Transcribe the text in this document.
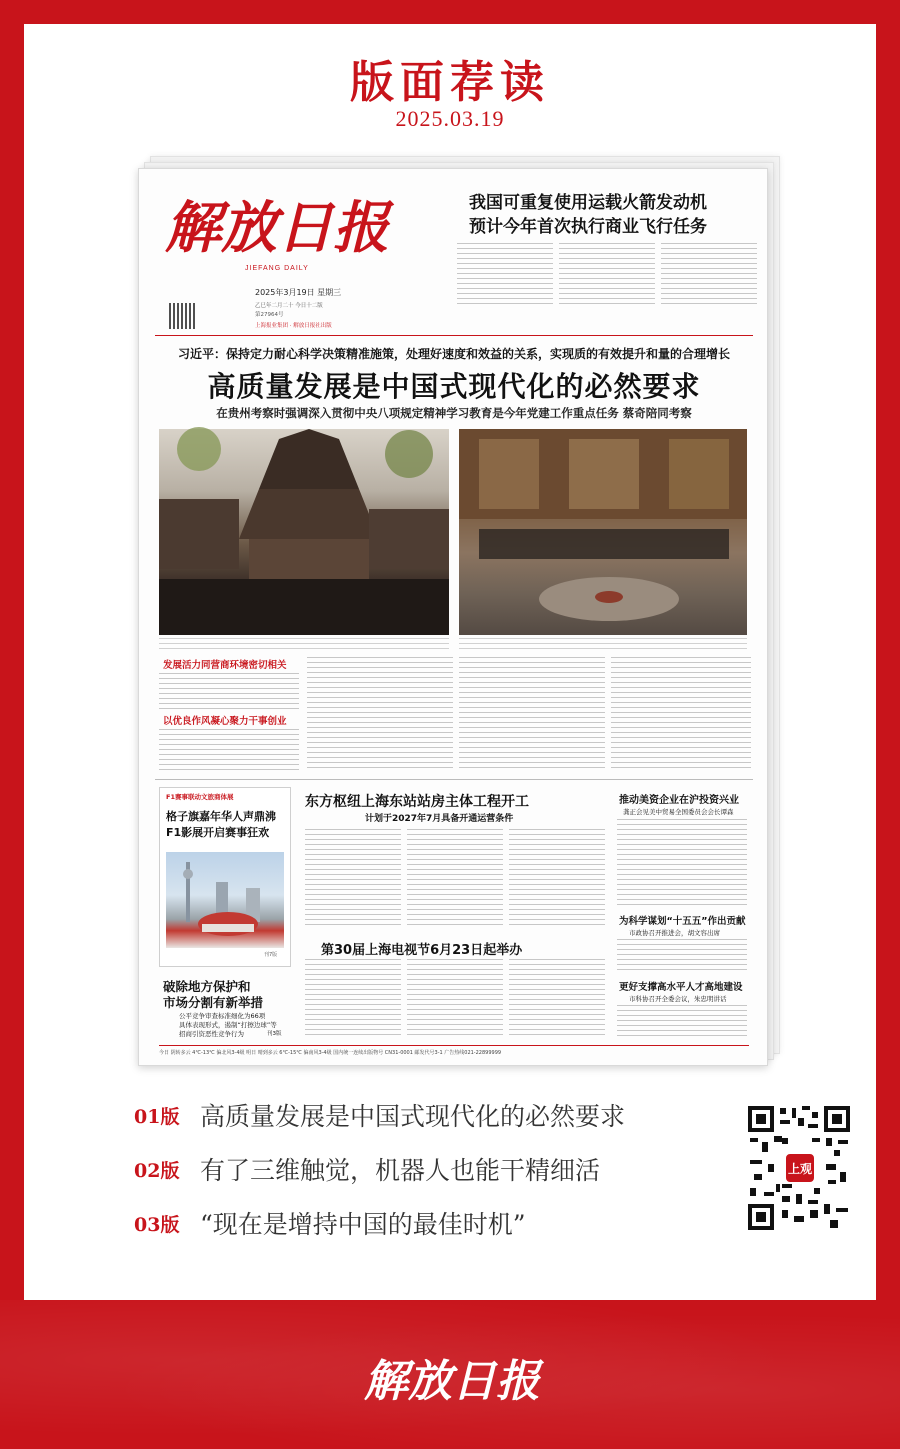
版面荐读
2025.03.19
解放日报
JIEFANG DAILY
2025年3月19日 星期三
乙巳年二月二十 今日十二版
第27964号
上海报业集团 · 解放日报社出版
我国可重复使用运载火箭发动机
预计今年首次执行商业飞行任务
习近平：保持定力耐心科学决策精准施策，处理好速度和效益的关系，实现质的有效提升和量的合理增长
高质量发展是中国式现代化的必然要求
在贵州考察时强调深入贯彻中央八项规定精神学习教育是今年党建工作重点任务 蔡奇陪同考察
发展活力同营商环境密切相关
以优良作风凝心聚力干事创业
F1赛事联动文旅商体展
格子旗嘉年华人声鼎沸
F1影展开启赛事狂欢
刊7版
破除地方保护和
市场分割有新举措
公平竞争审查标准细化为66项
具体表现形式，遏制“打擦边球”等
招商引资恶性竞争行为	刊3版
东方枢纽上海东站站房主体工程开工
计划于2027年7月具备开通运营条件
第30届上海电视节6月23日起举办
推动美资企业在沪投资兴业
龚正会见美中贸易全国委员会会长谭森
为科学谋划“十五五”作出贡献
市政协召开推进会，胡文容出席
更好支撑高水平人才高地建设
市科协召开全委会议，朱忠明讲话
今日 阴转多云 4℃-13℃ 偏北风3-4级 明日 晴到多云 6℃-15℃ 偏南风3-4级 国内统一连续出版物号 CN31-0001 邮发代号3-1 广告热线021-22899999
01版 高质量发展是中国式现代化的必然要求
02版 有了三维触觉，机器人也能干精细活
03版 “现在是增持中国的最佳时机”
上观
解放日报
